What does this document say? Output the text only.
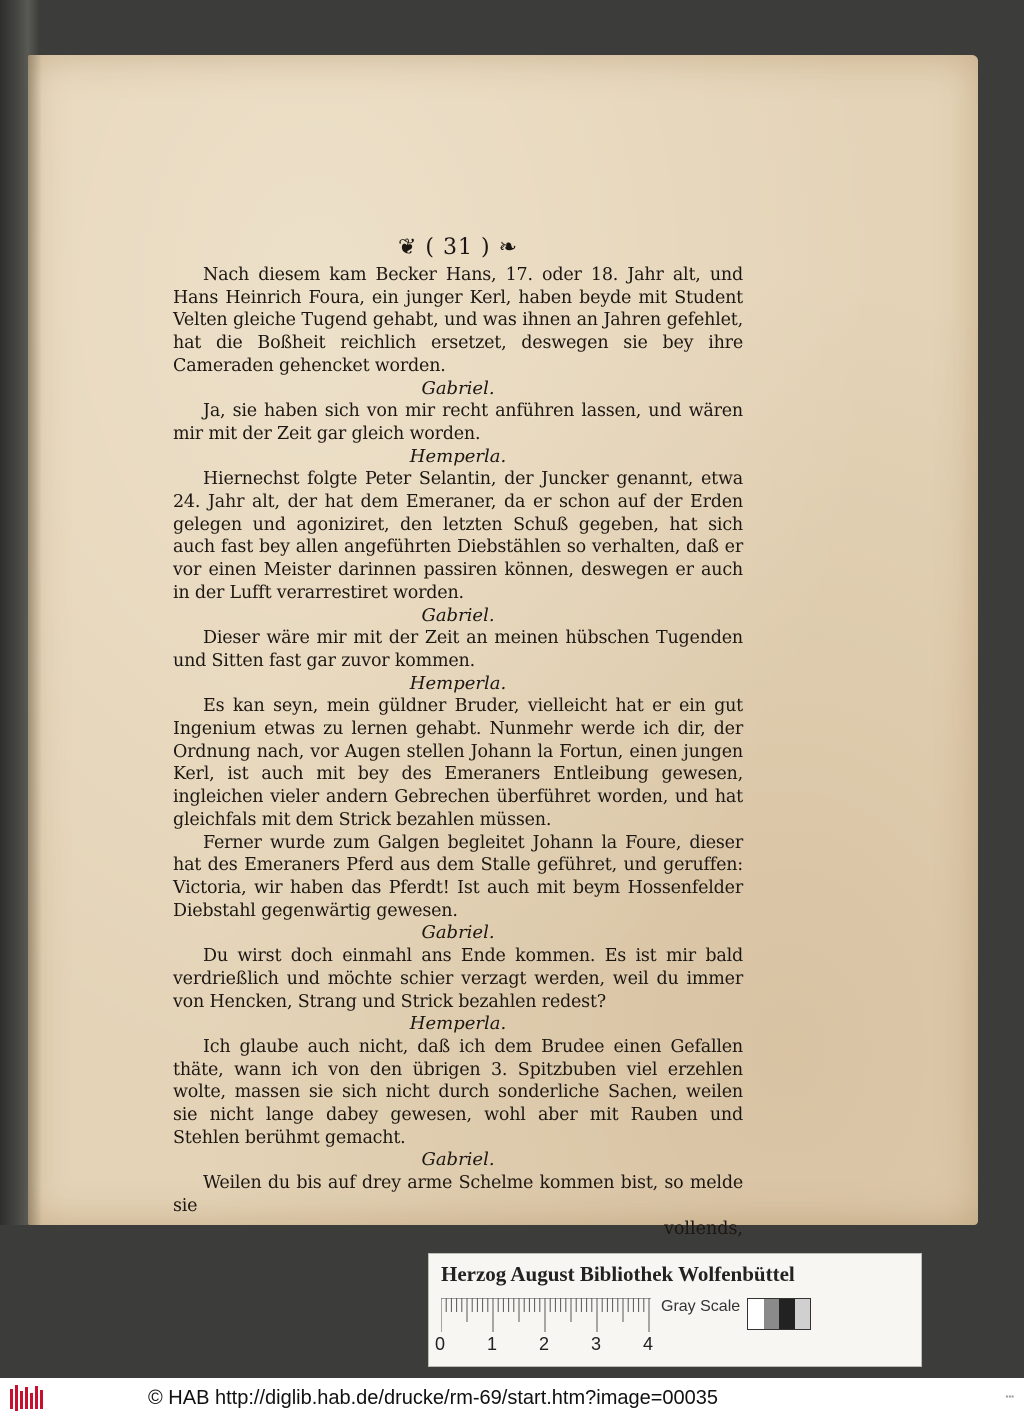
❦ ( 31 ) ❧

Nach diesem kam Becker Hans, 17. oder 18. Jahr alt, und Hans Heinrich Foura, ein junger Kerl, haben beyde mit Student Velten gleiche Tugend gehabt, und was ihnen an Jahren gefehlet, hat die Boßheit reichlich ersetzet, deswegen sie bey ihre Cameraden gehencket worden.

Gabriel.

Ja, sie haben sich von mir recht anführen lassen, und wären mir mit der Zeit gar gleich worden.

Hemperla.

Hiernechst folgte Peter Selantin, der Juncker genannt, etwa 24. Jahr alt, der hat dem Emeraner, da er schon auf der Erden gelegen und agoniziret, den letzten Schuß gegeben, hat sich auch fast bey allen angeführten Diebstählen so verhalten, daß er vor einen Meister darinnen passiren können, deswegen er auch in der Lufft verarrestiret worden.

Gabriel.

Dieser wäre mir mit der Zeit an meinen hübschen Tugenden und Sitten fast gar zuvor kommen.

Hemperla.

Es kan seyn, mein güldner Bruder, vielleicht hat er ein gut Ingenium etwas zu lernen gehabt. Nunmehr werde ich dir, der Ordnung nach, vor Augen stellen Johann la Fortun, einen jungen Kerl, ist auch mit bey des Emeraners Entleibung gewesen, ingleichen vieler andern Gebrechen überführet worden, und hat gleichfals mit dem Strick bezahlen müssen.

Ferner wurde zum Galgen begleitet Johann la Foure, dieser hat des Emeraners Pferd aus dem Stalle geführet, und geruffen: Victoria, wir haben das Pferdt! Ist auch mit beym Hossenfelder Diebstahl gegenwärtig gewesen.

Gabriel.

Du wirst doch einmahl ans Ende kommen. Es ist mir bald verdrießlich und möchte schier verzagt werden, weil du immer von Hencken, Strang und Strick bezahlen redest?

Hemperla.

Ich glaube auch nicht, daß ich dem Brudee einen Gefallen thäte, wann ich von den übrigen 3. Spitzbuben viel erzehlen wolte, massen sie sich nicht durch sonderliche Sachen, weilen sie nicht lange dabey gewesen, wohl aber mit Rauben und Stehlen berühmt gemacht.

Gabriel.

Weilen du bis auf drey arme Schelme kommen bist, so melde sie

vollends,

Herzog August Bibliothek Wolfenbüttel
0 1 2 3 4
Gray Scale
© HAB http://diglib.hab.de/drucke/rm-69/start.htm?image=00035	▪▪▪
